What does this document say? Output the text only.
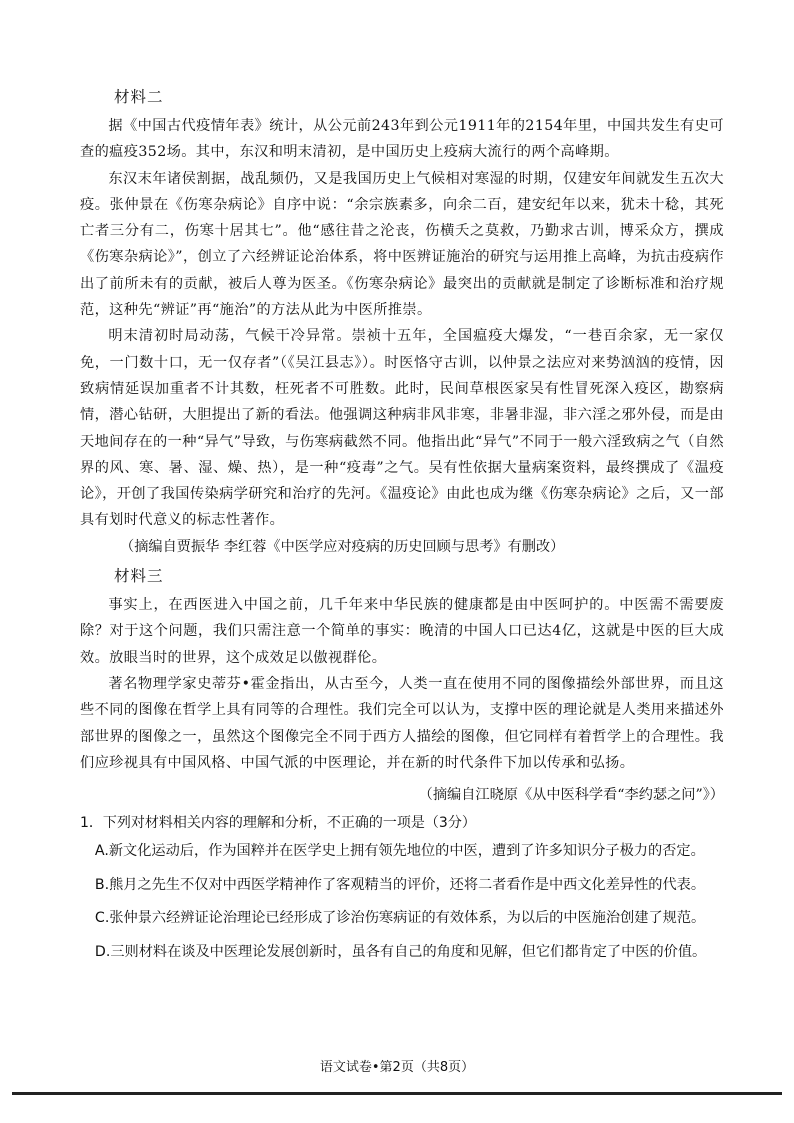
材料二

据《中国古代疫情年表》统计，从公元前243年到公元1911年的2154年里，中国共发生有史可查的瘟疫352场。其中，东汉和明末清初，是中国历史上疫病大流行的两个高峰期。

东汉末年诸侯割据，战乱频仍，又是我国历史上气候相对寒湿的时期，仅建安年间就发生五次大疫。张仲景在《伤寒杂病论》自序中说：“余宗族素多，向余二百，建安纪年以来，犹未十稔，其死亡者三分有二，伤寒十居其七”。他“感往昔之沦丧，伤横夭之莫救，乃勤求古训，博采众方，撰成《伤寒杂病论》”，创立了六经辨证论治体系，将中医辨证施治的研究与运用推上高峰，为抗击疫病作出了前所未有的贡献，被后人尊为医圣。《伤寒杂病论》最突出的贡献就是制定了诊断标准和治疗规范，这种先“辨证”再“施治”的方法从此为中医所推崇。

明末清初时局动荡，气候干冷异常。崇祯十五年，全国瘟疫大爆发，“一巷百余家，无一家仅免，一门数十口，无一仅存者”（《吴江县志》）。时医恪守古训，以仲景之法应对来势汹汹的疫情，因致病情延误加重者不计其数，枉死者不可胜数。此时，民间草根医家吴有性冒死深入疫区，勘察病情，潜心钻研，大胆提出了新的看法。他强调这种病非风非寒，非暑非湿，非六淫之邪外侵，而是由天地间存在的一种“异气”导致，与伤寒病截然不同。他指出此“异气”不同于一般六淫致病之气（自然界的风、寒、暑、湿、燥、热），是一种“疫毒”之气。吴有性依据大量病案资料，最终撰成了《温疫论》，开创了我国传染病学研究和治疗的先河。《温疫论》由此也成为继《伤寒杂病论》之后，又一部具有划时代意义的标志性著作。

（摘编自贾振华 李红蓉《中医学应对疫病的历史回顾与思考》有删改）

材料三

事实上，在西医进入中国之前，几千年来中华民族的健康都是由中医呵护的。中医需不需要废除？对于这个问题，我们只需注意一个简单的事实：晚清的中国人口已达4亿，这就是中医的巨大成效。放眼当时的世界，这个成效足以傲视群伦。

著名物理学家史蒂芬•霍金指出，从古至今，人类一直在使用不同的图像描绘外部世界，而且这些不同的图像在哲学上具有同等的合理性。我们完全可以认为，支撑中医的理论就是人类用来描述外部世界的图像之一，虽然这个图像完全不同于西方人描绘的图像，但它同样有着哲学上的合理性。我们应珍视具有中国风格、中国气派的中医理论，并在新的时代条件下加以传承和弘扬。

（摘编自江晓原《从中医科学看“李约瑟之问”》）

1．下列对材料相关内容的理解和分析，不正确的一项是（3分）

A.新文化运动后，作为国粹并在医学史上拥有领先地位的中医，遭到了许多知识分子极力的否定。

B.熊月之先生不仅对中西医学精神作了客观精当的评价，还将二者看作是中西文化差异性的代表。

C.张仲景六经辨证论治理论已经形成了诊治伤寒病证的有效体系，为以后的中医施治创建了规范。

D.三则材料在谈及中医理论发展创新时，虽各有自己的角度和见解，但它们都肯定了中医的价值。

语文试卷•第2页（共8页）
